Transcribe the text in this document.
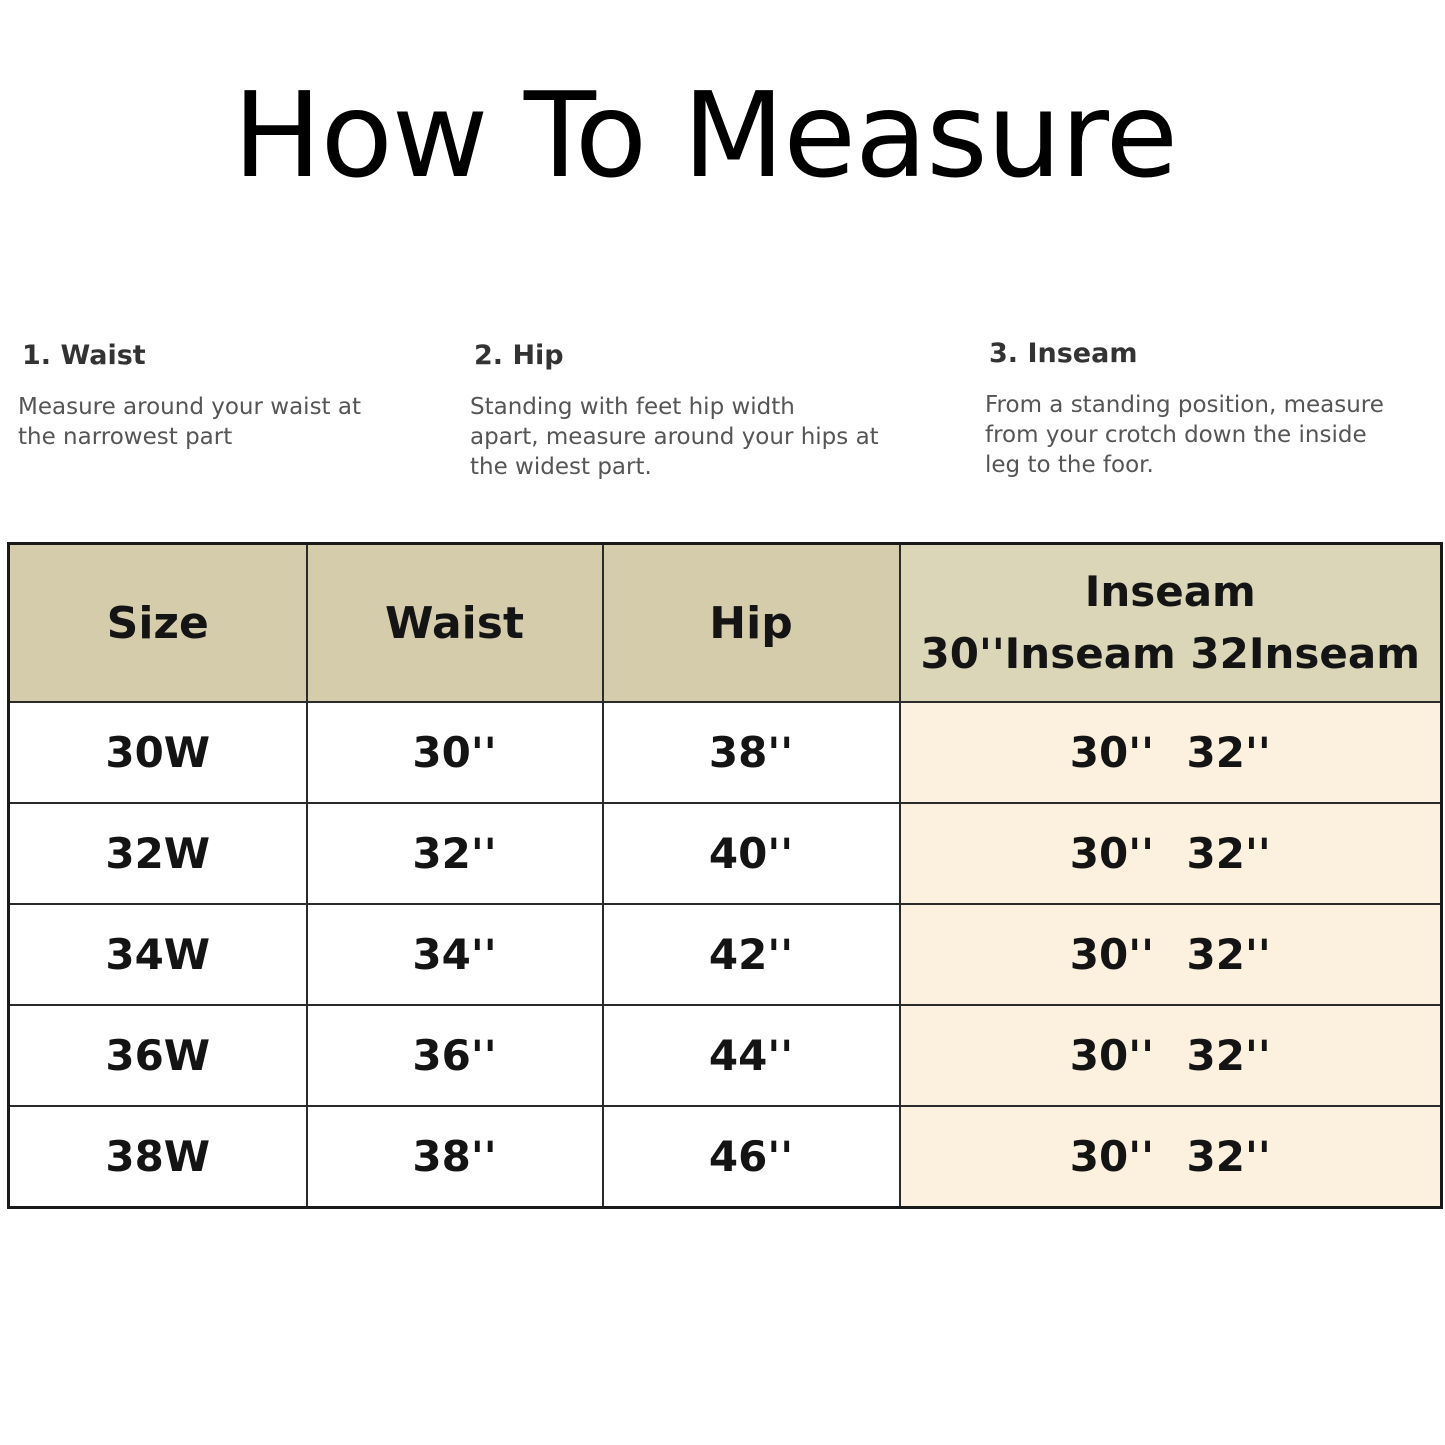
How To Measure

1. Waist

Measure around your waist at
the narrowest part

2. Hip

Standing with feet hip width
apart, measure around your hips at
the widest part.

3. Inseam

From a standing position, measure
from your crotch down the inside
leg to the foor.

Size	Waist	Hip	Inseam
30''Inseam 32Inseam

30W	30''	38''	30'' 32''
32W	32''	40''	30'' 32''
34W	34''	42''	30'' 32''
36W	36''	44''	30'' 32''
38W	38''	46''	30'' 32''
